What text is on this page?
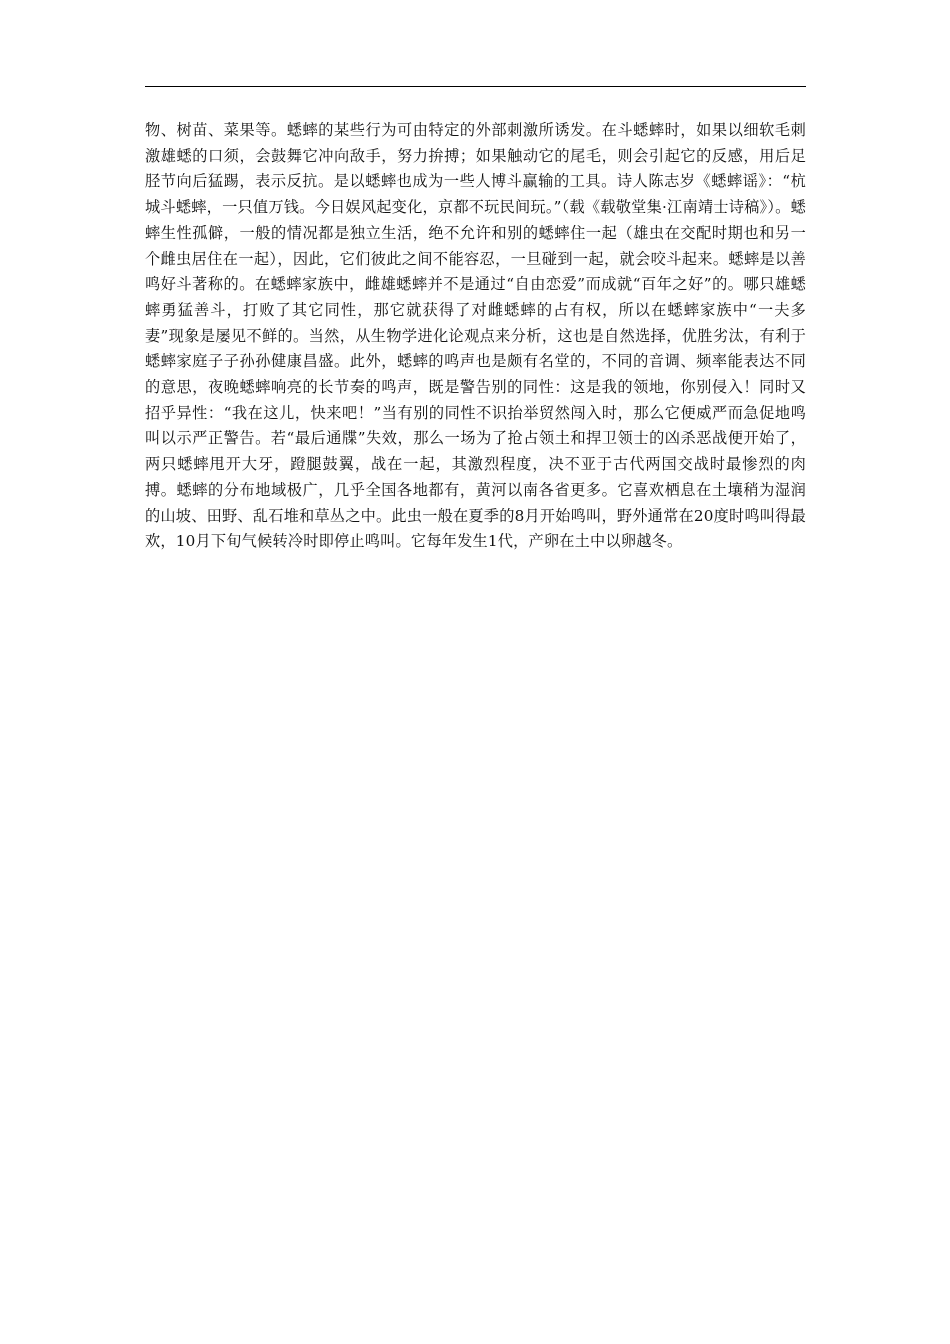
物、树苗、菜果等。蟋蟀的某些行为可由特定的外部刺激所诱发。在斗蟋蟀时，如果以细软毛刺激雄蟋的口须，会鼓舞它冲向敌手，努力拚搏；如果触动它的尾毛，则会引起它的反感，用后足胫节向后猛踢，表示反抗。是以蟋蟀也成为一些人博斗赢输的工具。诗人陈志岁《蟋蟀谣》：“杭城斗蟋蟀，一只值万钱。今日娱风起变化，京都不玩民间玩。”（载《载敬堂集·江南靖士诗稿》）。蟋蟀生性孤僻，一般的情况都是独立生活，绝不允许和别的蟋蟀住一起（雄虫在交配时期也和另一个雌虫居住在一起），因此，它们彼此之间不能容忍，一旦碰到一起，就会咬斗起来。蟋蟀是以善鸣好斗著称的。在蟋蟀家族中，雌雄蟋蟀并不是通过“自由恋爱”而成就“百年之好”的。哪只雄蟋蟀勇猛善斗，打败了其它同性，那它就获得了对雌蟋蟀的占有权，所以在蟋蟀家族中“一夫多妻”现象是屡见不鲜的。当然，从生物学进化论观点来分析，这也是自然选择，优胜劣汰，有利于蟋蟀家庭子子孙孙健康昌盛。此外，蟋蟀的鸣声也是颇有名堂的，不同的音调、频率能表达不同的意思，夜晚蟋蟀响亮的长节奏的鸣声，既是警告别的同性：这是我的领地，你别侵入！同时又招乎异性：“我在这儿，快来吧！”当有别的同性不识抬举贸然闯入时，那么它便威严而急促地鸣叫以示严正警告。若“最后通牒”失效，那么一场为了抢占领土和捍卫领士的凶杀恶战便开始了，两只蟋蟀甩开大牙，蹬腿鼓翼，战在一起，其激烈程度，决不亚于古代两国交战时最惨烈的肉搏。蟋蟀的分布地域极广，几乎全国各地都有，黄河以南各省更多。它喜欢栖息在土壤稍为湿润的山坡、田野、乱石堆和草丛之中。此虫一般在夏季的8月开始鸣叫，野外通常在20度时鸣叫得最欢，10月下旬气候转冷时即停止鸣叫。它每年发生1代，产卵在土中以卵越冬。
